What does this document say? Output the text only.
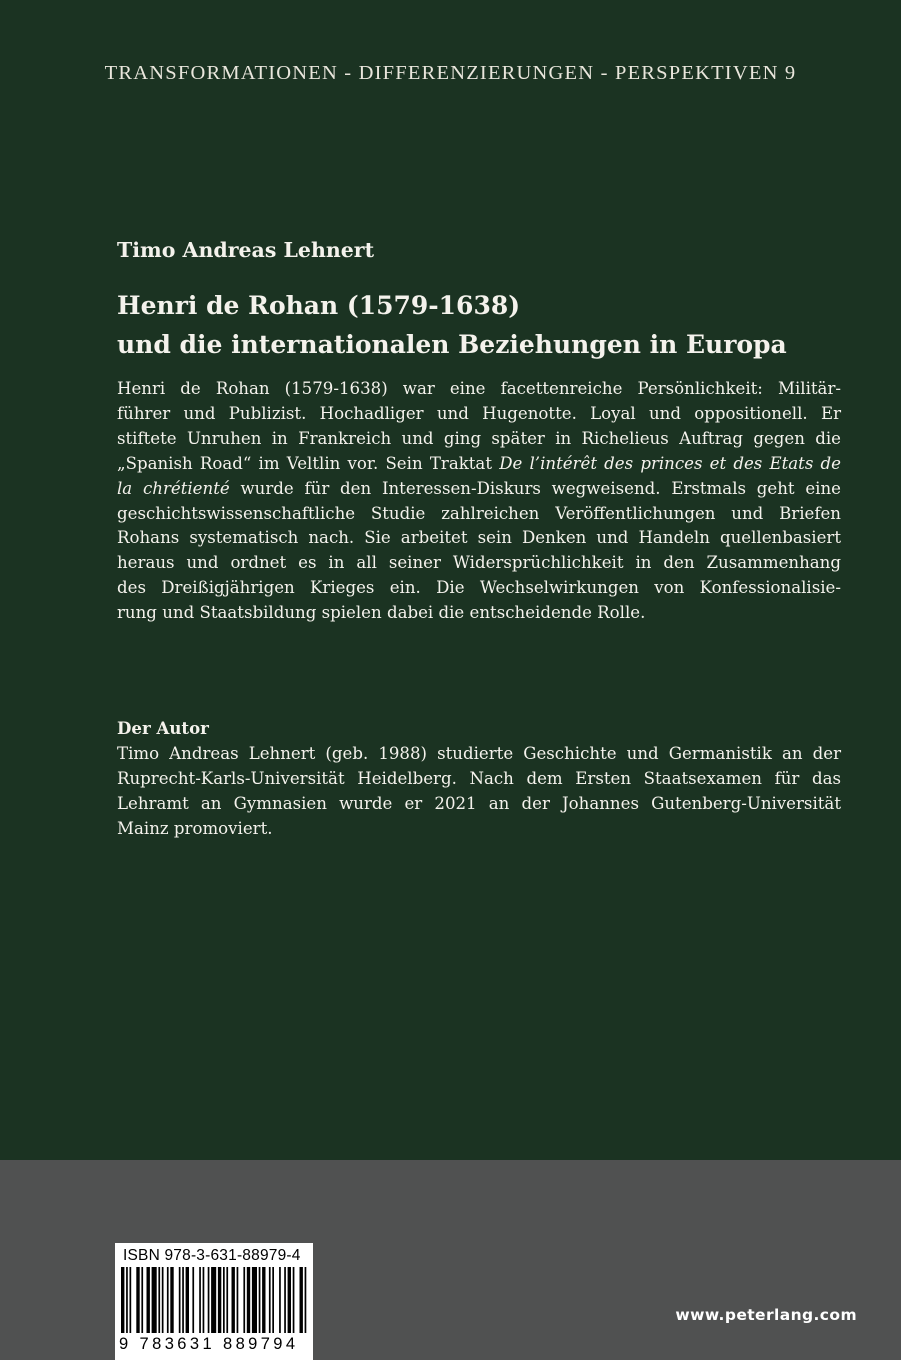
TRANSFORMATIONEN - DIFFERENZIERUNGEN - PERSPEKTIVEN 9
Timo Andreas Lehnert
Henri de Rohan (1579-1638)
und die internationalen Beziehungen in Europa
Henri de Rohan (1579-1638) war eine facettenreiche Persönlichkeit: Militär-
führer und Publizist. Hochadliger und Hugenotte. Loyal und oppositionell. Er
stiftete Unruhen in Frankreich und ging später in Richelieus Auftrag gegen die
„Spanish Road“ im Veltlin vor. Sein Traktat De l’intérêt des princes et des Etats de
la chrétienté wurde für den Interessen-Diskurs wegweisend. Erstmals geht eine
geschichtswissenschaftliche Studie zahlreichen Veröffentlichungen und Briefen
Rohans systematisch nach. Sie arbeitet sein Denken und Handeln quellenbasiert
heraus und ordnet es in all seiner Widersprüchlichkeit in den Zusammenhang
des Dreißigjährigen Krieges ein. Die Wechselwirkungen von Konfessionalisie-
rung und Staatsbildung spielen dabei die entscheidende Rolle.
Der Autor
Timo Andreas Lehnert (geb. 1988) studierte Geschichte und Germanistik an der
Ruprecht-Karls-Universität Heidelberg. Nach dem Ersten Staatsexamen für das
Lehramt an Gymnasien wurde er 2021 an der Johannes Gutenberg-Universität
Mainz promoviert.
ISBN 978-3-631-88979-4
9 783631 889794
www.peterlang.com
